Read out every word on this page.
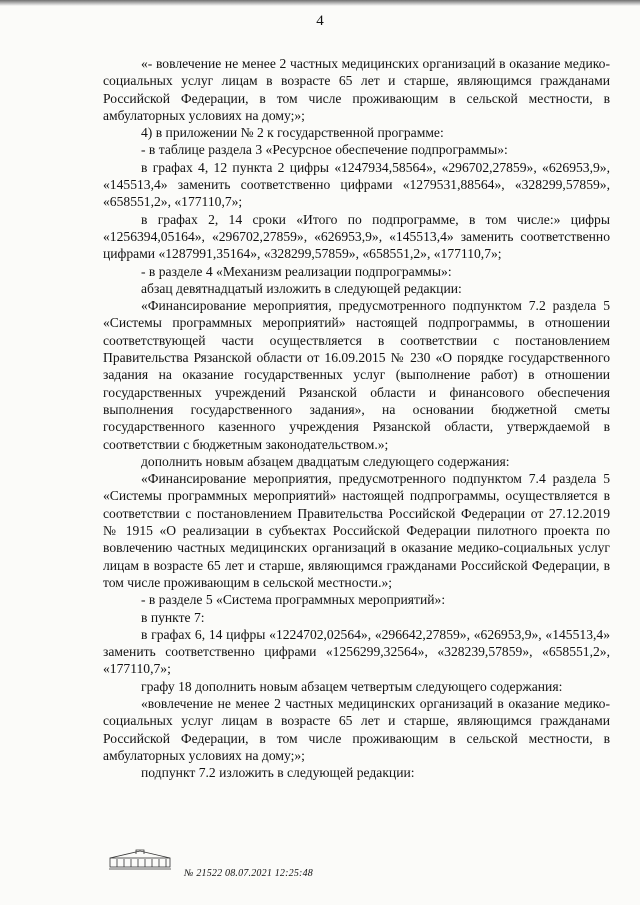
4

«- вовлечение не менее 2 частных медицинских организаций в оказание медико-социальных услуг лицам в возрасте 65 лет и старше, являющимся гражданами Российской Федерации, в том числе проживающим в сельской местности, в амбулаторных условиях на дому;»;

4) в приложении № 2 к государственной программе:

- в таблице раздела 3 «Ресурсное обеспечение подпрограммы»:

в графах 4, 12 пункта 2 цифры «1247934,58564», «296702,27859», «626953,9», «145513,4» заменить соответственно цифрами «1279531,88564», «328299,57859», «658551,2», «177110,7»;

в графах 2, 14 сроки «Итого по подпрограмме, в том числе:» цифры «1256394,05164», «296702,27859», «626953,9», «145513,4» заменить соответственно цифрами «1287991,35164», «328299,57859», «658551,2», «177110,7»;

- в разделе 4 «Механизм реализации подпрограммы»:

абзац девятнадцатый изложить в следующей редакции:

«Финансирование мероприятия, предусмотренного подпунктом 7.2 раздела 5 «Системы программных мероприятий» настоящей подпрограммы, в отношении соответствующей части осуществляется в соответствии с постановлением Правительства Рязанской области от 16.09.2015 № 230 «О порядке государственного задания на оказание государственных услуг (выполнение работ) в отношении государственных учреждений Рязанской области и финансового обеспечения выполнения государственного задания», на основании бюджетной сметы государственного казенного учреждения Рязанской области, утверждаемой в соответствии с бюджетным законодательством.»;

дополнить новым абзацем двадцатым следующего содержания:

«Финансирование мероприятия, предусмотренного подпунктом 7.4 раздела 5 «Системы программных мероприятий» настоящей подпрограммы, осуществляется в соответствии с постановлением Правительства Российской Федерации от 27.12.2019 № 1915 «О реализации в субъектах Российской Федерации пилотного проекта по вовлечению частных медицинских организаций в оказание медико-социальных услуг лицам в возрасте 65 лет и старше, являющимся гражданами Российской Федерации, в том числе проживающим в сельской местности.»;

- в разделе 5 «Система программных мероприятий»:

в пункте 7:

в графах 6, 14 цифры «1224702,02564», «296642,27859», «626953,9», «145513,4» заменить соответственно цифрами «1256299,32564», «328239,57859», «658551,2», «177110,7»;

графу 18 дополнить новым абзацем четвертым следующего содержания:

«вовлечение не менее 2 частных медицинских организаций в оказание медико-социальных услуг лицам в возрасте 65 лет и старше, являющимся гражданами Российской Федерации, в том числе проживающим в сельской местности, в амбулаторных условиях на дому;»;

подпункт 7.2 изложить в следующей редакции:

№ 21522 08.07.2021 12:25:48
